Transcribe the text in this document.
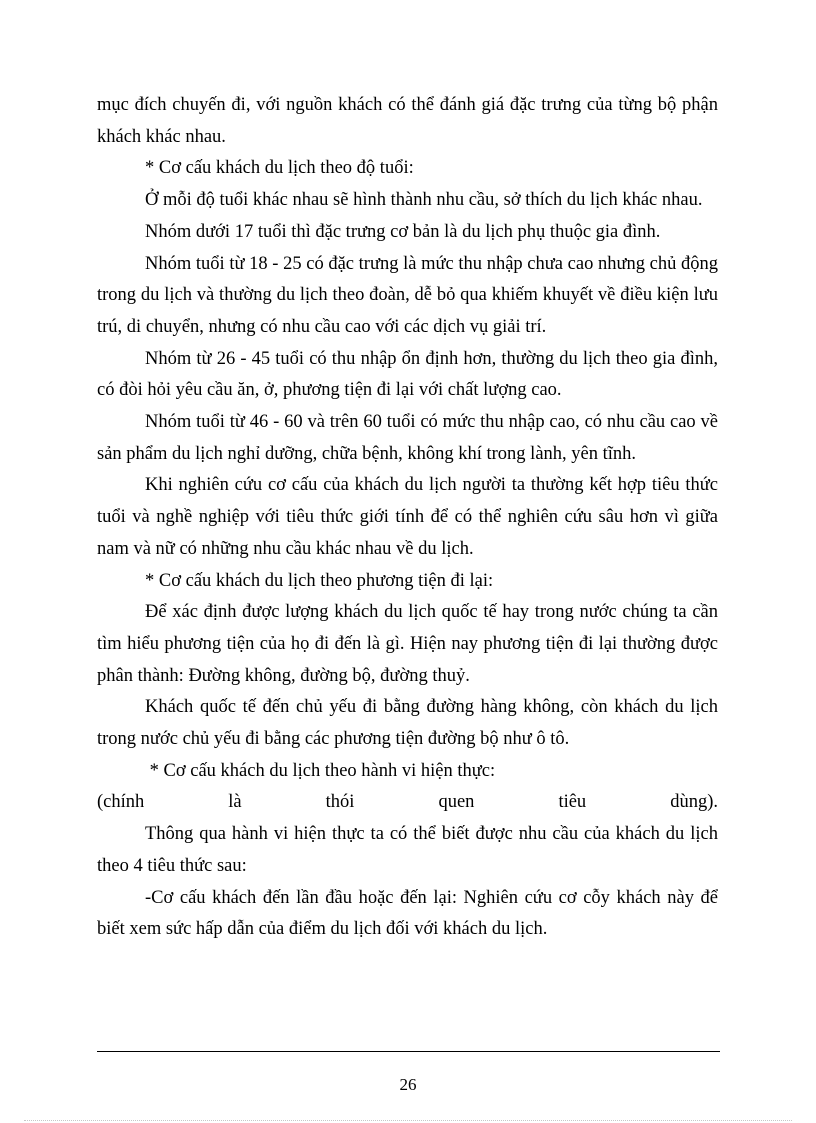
mục đích chuyến đi, với nguồn khách có thể đánh giá đặc trưng của từng bộ phận khách khác nhau.

* Cơ cấu khách du lịch theo độ tuổi:

Ở mỗi độ tuổi khác nhau sẽ hình thành nhu cầu, sở thích du lịch khác nhau.

Nhóm dưới 17 tuổi thì đặc trưng cơ bản là du lịch phụ thuộc gia đình.

Nhóm tuổi từ 18 - 25 có đặc trưng là mức thu nhập chưa cao nhưng chủ động trong du lịch và thường du lịch theo đoàn, dễ bỏ qua khiếm khuyết về điều kiện lưu trú, di chuyển, nhưng có nhu cầu cao với các dịch vụ giải trí.

Nhóm từ 26 - 45 tuổi có thu nhập ổn định hơn, thường du lịch theo gia đình, có đòi hỏi yêu cầu ăn, ở, phương tiện đi lại với chất lượng cao.

Nhóm tuổi từ 46 - 60 và trên 60 tuổi có mức thu nhập cao, có nhu cầu cao về sản phẩm du lịch nghỉ dưỡng, chữa bệnh, không khí trong lành, yên tĩnh.

Khi nghiên cứu cơ cấu của khách du lịch người ta thường kết hợp tiêu thức tuổi và nghề nghiệp với tiêu thức giới tính để có thể nghiên cứu sâu hơn vì giữa nam và nữ có những nhu cầu khác nhau về du lịch.

* Cơ cấu khách du lịch theo phương tiện đi lại:

Để xác định được lượng khách du lịch quốc tế hay trong nước chúng ta cần tìm hiểu phương tiện của họ đi đến là gì. Hiện nay phương tiện đi lại thường được phân thành: Đường không, đường bộ, đường thuỷ.

Khách quốc tế đến chủ yếu đi bằng đường hàng không, còn khách du lịch trong nước chủ yếu đi bằng các phương tiện đường bộ như ô tô.

* Cơ cấu khách du lịch theo hành vi hiện thực:

(chính là thói quen tiêu dùng).

Thông qua hành vi hiện thực ta có thể biết được nhu cầu của khách du lịch theo 4 tiêu thức sau:

-Cơ cấu khách đến lần đầu hoặc đến lại: Nghiên cứu cơ cỗy khách này để biết xem sức hấp dẫn của điểm du lịch đối với khách du lịch.

26
